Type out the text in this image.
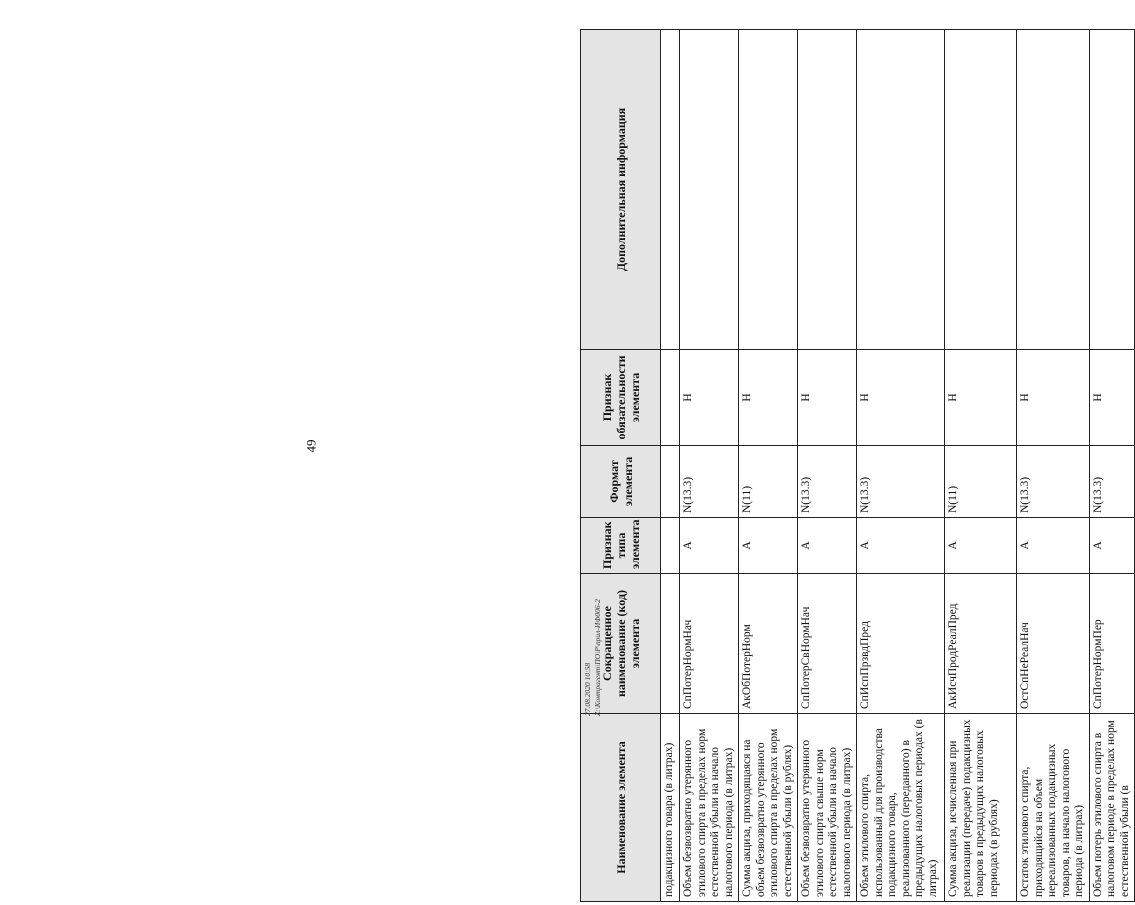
49
Наименование элемента	Сокращенное наименование (код) элемента	Признак типа элемента	Формат элемента	Признак обязательности элемента	Дополнительная информация
подакцизного товара (в литрах)					
Объем безвозвратно утерянного этилового спирта в пределах норм естественной убыли на начало налогового периода (в литрах)	СпПотерНормНач	А	N(13.3)	Н	
Сумма акциза, приходящаяся на объем безвозвратно утерянного этилового спирта в пределах норм естественной убыли (в рублях)	АкОбПотерНорм	А	N(11)	Н	
Объем безвозвратно утерянного этилового спирта свыше норм естественной убыли на начало налогового периода (в литрах)	СпПотерСвНормНач	А	N(13.3)	Н	
Объем этилового спирта, использованный для производства подакцизного товара, реализованного (переданного) в предыдущих налоговых периодах (в литрах)	СпИспПрзвдПред	А	N(13.3)	Н	
Сумма акциза, исчисленная при реализации (передаче) подакцизных товаров в предыдущих налоговых периодах (в рублях)	АкИсчПродРеалПред	А	N(11)	Н	
Остаток этилового спирта, приходящийся на объем нереализованных подакцизных товаров, на начало налогового периода (в литрах)	ОстСпНеРеалНач	А	N(13.3)	Н	
Объем потерь этилового спирта в налоговом периоде в пределах норм естественной убыли (в	СпПотерНормПер	А	N(13.3)	Н	
27.08.2020 10:58 Z:\Контрагент\ПО\Р\прил-ИФ006-2
